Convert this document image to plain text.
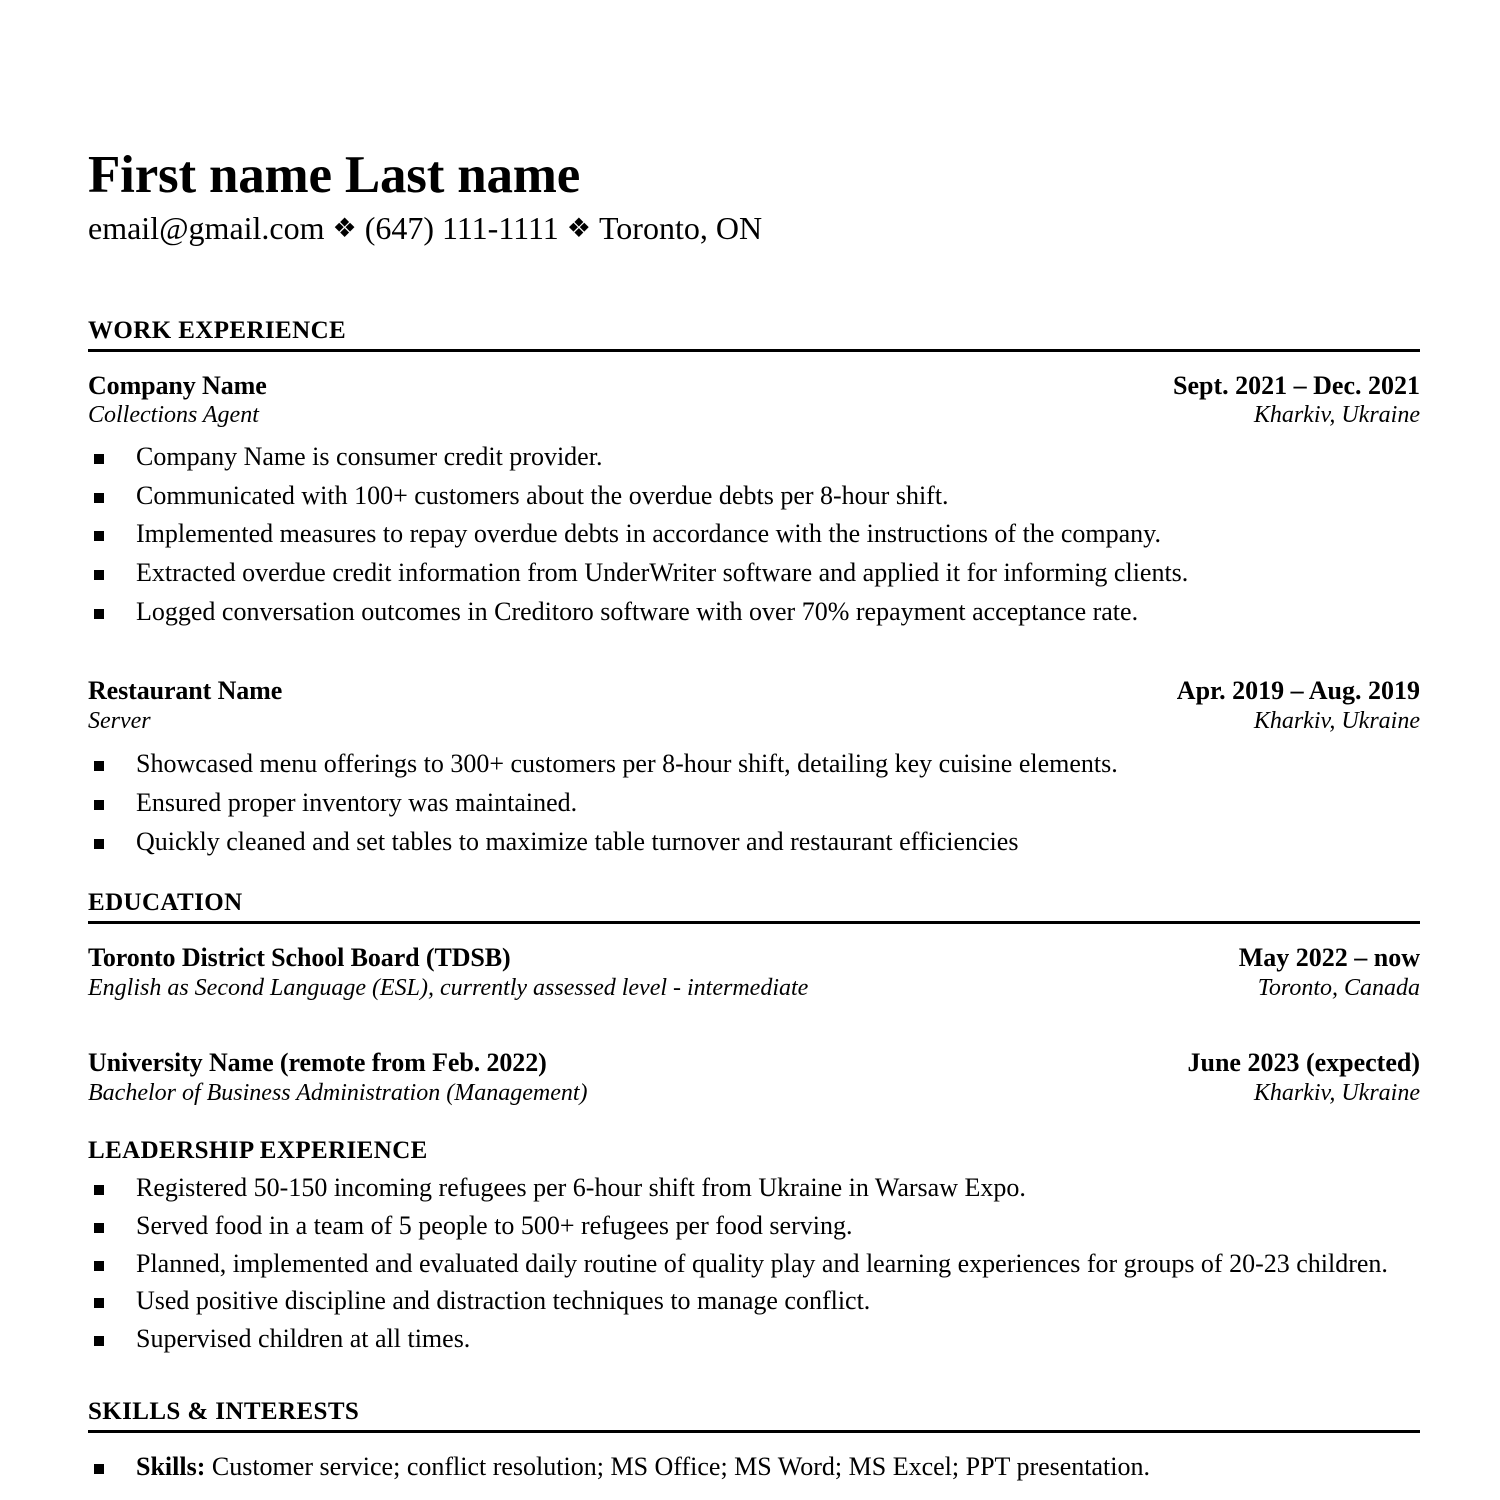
First name Last name
email@gmail.com ❖ (647) 111-1111 ❖ Toronto, ON
WORK EXPERIENCE
Company Name	Sept. 2021 – Dec. 2021
Collections Agent	Kharkiv, Ukraine
Company Name is consumer credit provider.
Communicated with 100+ customers about the overdue debts per 8-hour shift.
Implemented measures to repay overdue debts in accordance with the instructions of the company.
Extracted overdue credit information from UnderWriter software and applied it for informing clients.
Logged conversation outcomes in Creditoro software with over 70% repayment acceptance rate.
Restaurant Name	Apr. 2019 – Aug. 2019
Server	Kharkiv, Ukraine
Showcased menu offerings to 300+ customers per 8-hour shift, detailing key cuisine elements.
Ensured proper inventory was maintained.
Quickly cleaned and set tables to maximize table turnover and restaurant efficiencies
EDUCATION
Toronto District School Board (TDSB)	May 2022 – now
English as Second Language (ESL), currently assessed level - intermediate	Toronto, Canada
University Name (remote from Feb. 2022)	June 2023 (expected)
Bachelor of Business Administration (Management)	Kharkiv, Ukraine
LEADERSHIP EXPERIENCE
Registered 50-150 incoming refugees per 6-hour shift from Ukraine in Warsaw Expo.
Served food in a team of 5 people to 500+ refugees per food serving.
Planned, implemented and evaluated daily routine of quality play and learning experiences for groups of 20-23 children.
Used positive discipline and distraction techniques to manage conflict.
Supervised children at all times.
SKILLS & INTERESTS
Skills: Customer service; conflict resolution; MS Office; MS Word; MS Excel; PPT presentation.
